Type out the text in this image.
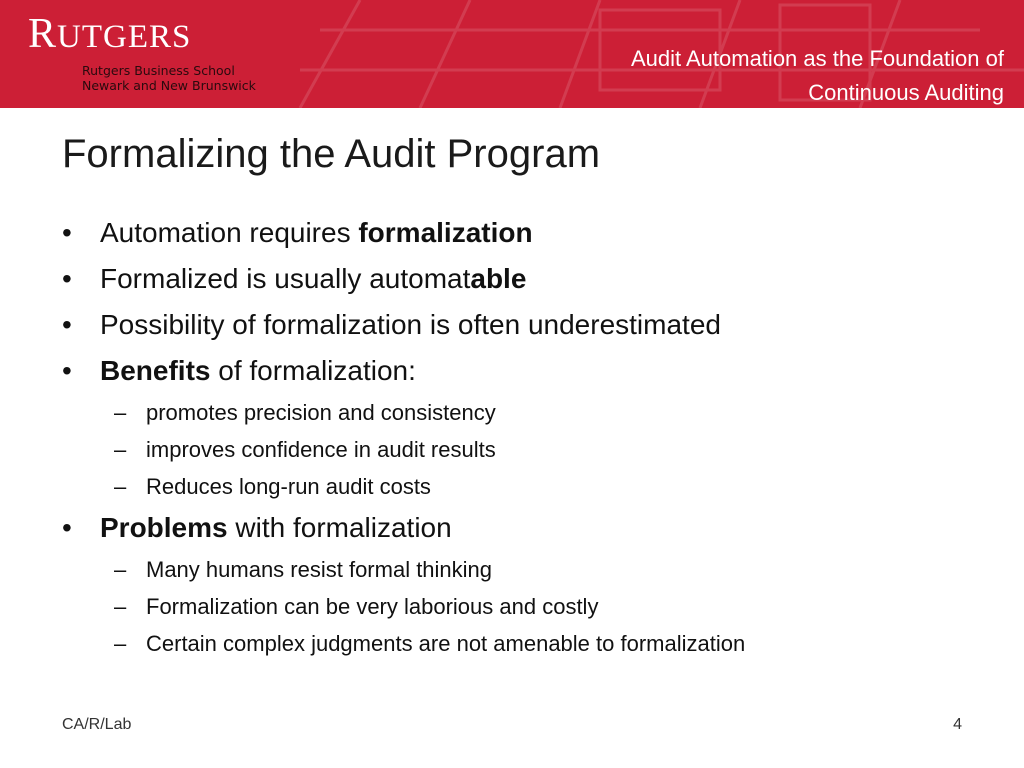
RUTGERS
Rutgers Business School
Newark and New Brunswick
Audit Automation as the Foundation of
Continuous Auditing
Formalizing the Audit Program
• Automation requires formalization
• Formalized is usually automatable
• Possibility of formalization is often underestimated
• Benefits of formalization:
– promotes precision and consistency
– improves confidence in audit results
– Reduces long-run audit costs
• Problems with formalization
– Many humans resist formal thinking
– Formalization can be very laborious and costly
– Certain complex judgments are not amenable to formalization
CA/R/Lab	4
